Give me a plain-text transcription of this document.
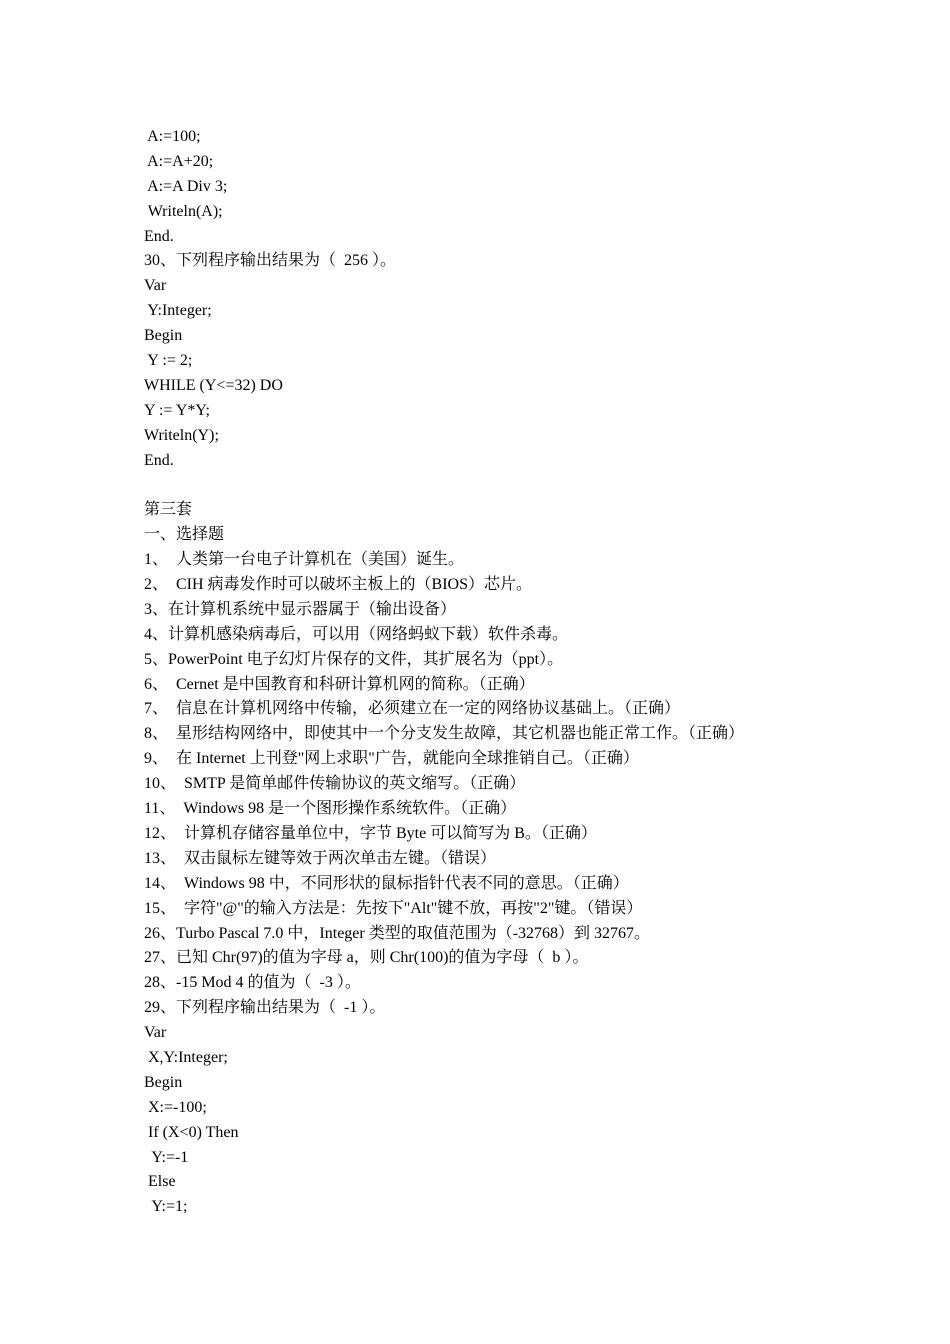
A:=100;
A:=A+20;
A:=A Div 3;
Writeln(A);
End.
30、下列程序输出结果为（  256 ）。
Var
Y:Integer;
Begin
Y := 2;
WHILE (Y<=32) DO
Y := Y*Y;
Writeln(Y);
End.
第三套
一、选择题
1、  人类第一台电子计算机在（美国）诞生。
2、  CIH 病毒发作时可以破坏主板上的（BIOS）芯片。
3、在计算机系统中显示器属于（输出设备）
4、计算机感染病毒后，可以用（网络蚂蚁下载）软件杀毒。
5、PowerPoint 电子幻灯片保存的文件，其扩展名为（ppt）。
6、  Cernet 是中国教育和科研计算机网的简称。（正确）
7、  信息在计算机网络中传输，必须建立在一定的网络协议基础上。（正确）
8、  星形结构网络中，即使其中一个分支发生故障，其它机器也能正常工作。（正确）
9、  在 Internet 上刊登"网上求职"广告，就能向全球推销自己。（正确）
10、  SMTP 是简单邮件传输协议的英文缩写。（正确）
11、  Windows 98 是一个图形操作系统软件。（正确）
12、  计算机存储容量单位中，字节 Byte 可以简写为 B。（正确）
13、  双击鼠标左键等效于两次单击左键。（错误）
14、  Windows 98 中，不同形状的鼠标指针代表不同的意思。（正确）
15、  字符"@"的输入方法是：先按下"Alt"键不放，再按"2"键。（错误）
26、Turbo Pascal 7.0 中，Integer 类型的取值范围为（-32768）到 32767。
27、已知 Chr(97)的值为字母 a，则 Chr(100)的值为字母（  b ）。
28、-15 Mod 4 的值为（  -3 ）。
29、下列程序输出结果为（  -1 ）。
Var
X,Y:Integer;
Begin
X:=-100;
If (X<0) Then
Y:=-1
Else
Y:=1;
